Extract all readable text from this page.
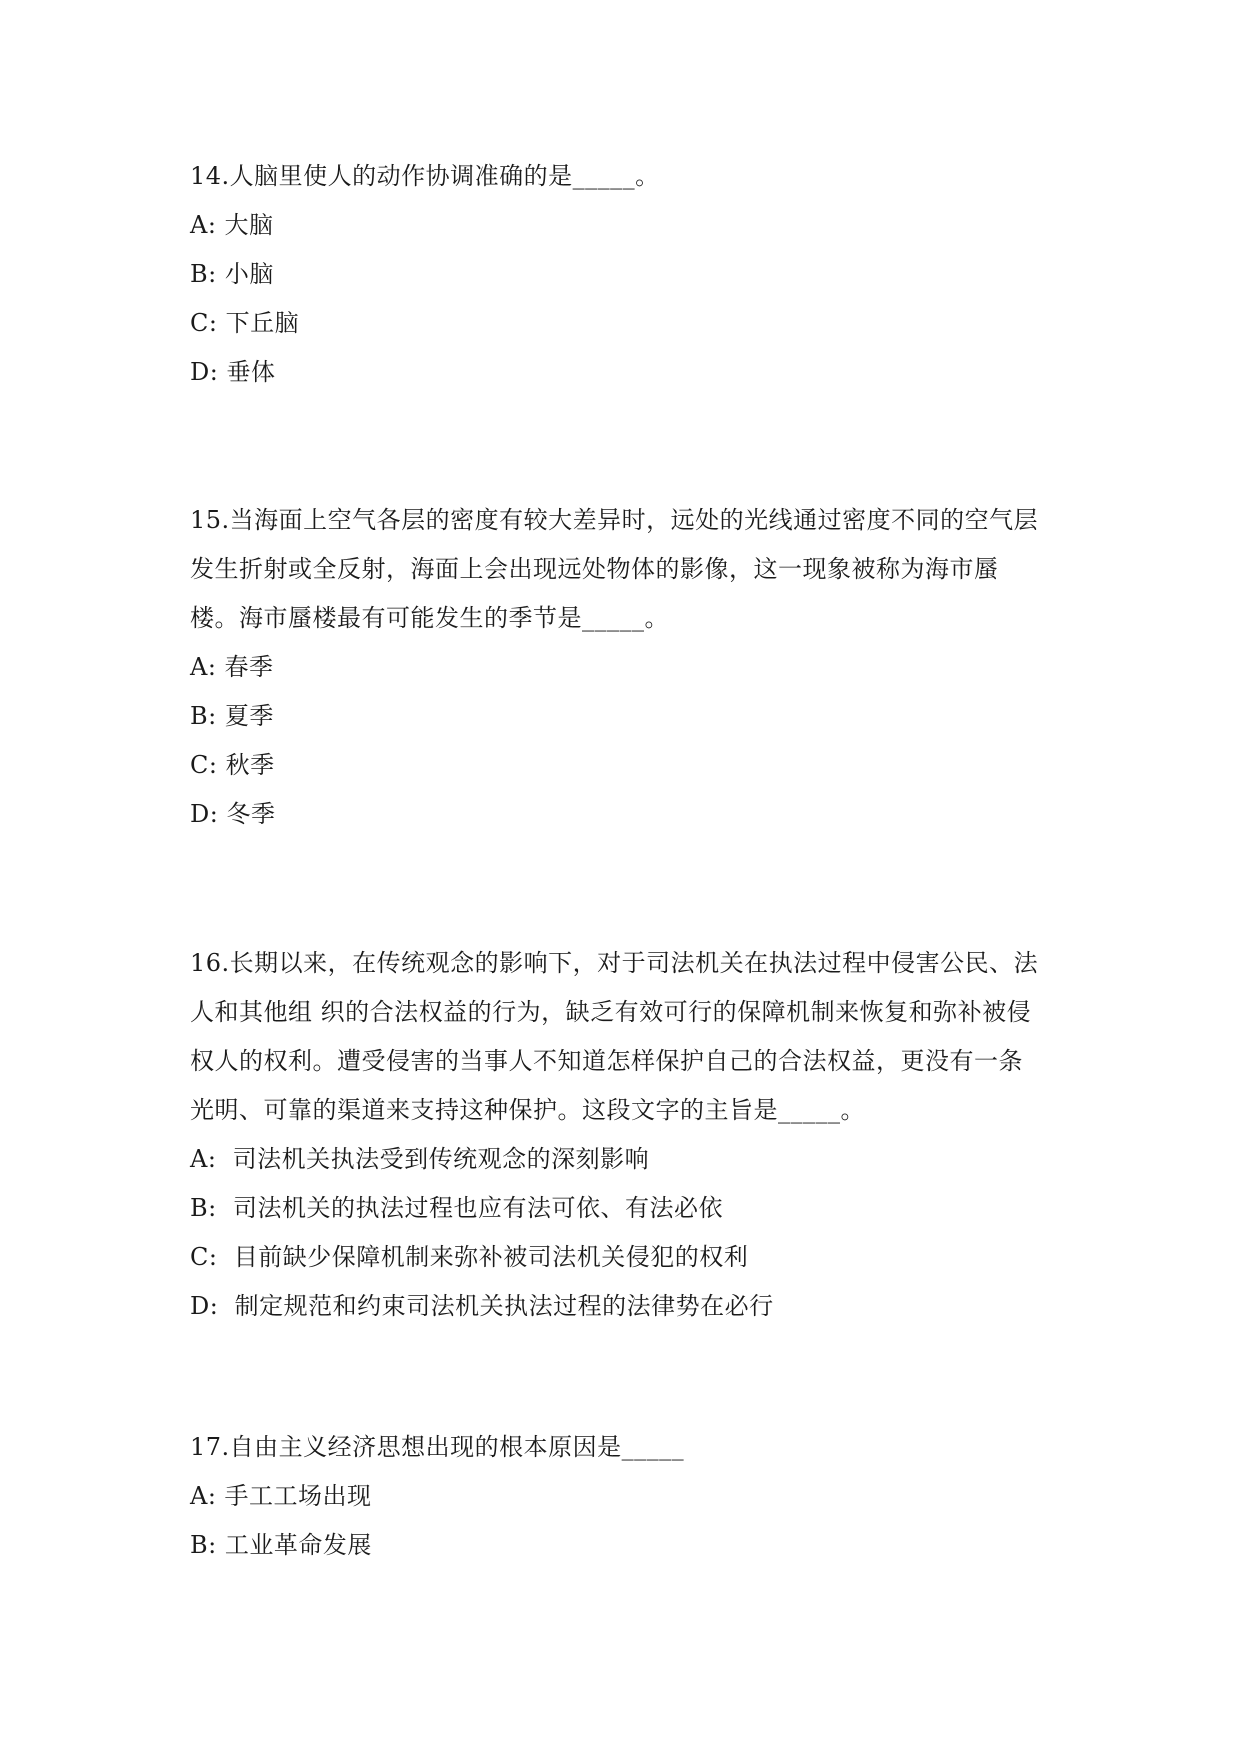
14.人脑里使人的动作协调准确的是_____。

A: 大脑
B: 小脑
C: 下丘脑
D: 垂体

15.当海面上空气各层的密度有较大差异时，远处的光线通过密度不同的空气层
发生折射或全反射，海面上会出现远处物体的影像，这一现象被称为海市蜃
楼。海市蜃楼最有可能发生的季节是_____。

A: 春季
B: 夏季
C: 秋季
D: 冬季

16.长期以来，在传统观念的影响下，对于司法机关在执法过程中侵害公民、法
人和其他组 织的合法权益的行为，缺乏有效可行的保障机制来恢复和弥补被侵
权人的权利。遭受侵害的当事人不知道怎样保护自己的合法权益，更没有一条
光明、可靠的渠道来支持这种保护。这段文字的主旨是_____。

A:  司法机关执法受到传统观念的深刻影响
B:  司法机关的执法过程也应有法可依、有法必依
C:  目前缺少保障机制来弥补被司法机关侵犯的权利
D:  制定规范和约束司法机关执法过程的法律势在必行

17.自由主义经济思想出现的根本原因是_____

A: 手工工场出现
B: 工业革命发展
